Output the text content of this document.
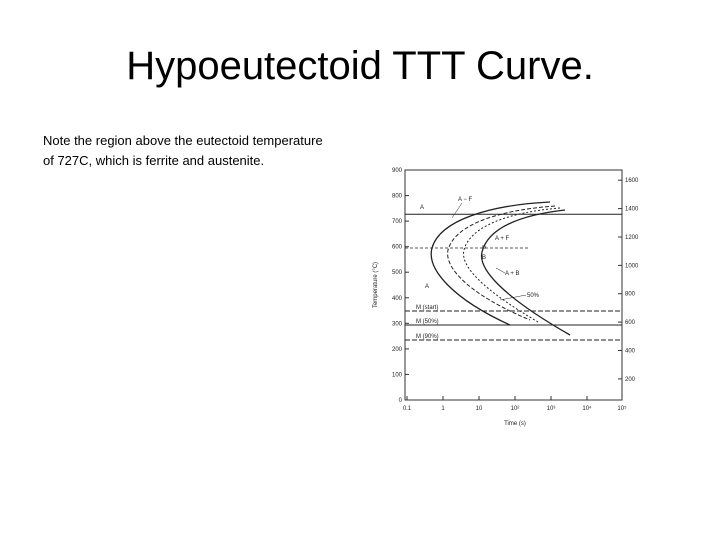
Hypoeutectoid TTT Curve.
Note the region above the eutectoid temperature
of 727C, which is ferrite and austenite.
900
800
700
600
500
400
300
200
100
0
1600
1400
1200
1000
800
600
400
200
0.1	1	10	10²	10³	10⁴	10⁵
Time (s)
Temperature (°C)
A
A − F
A + F
P
B
A + B
A
50%
M (start)
M (50%)
M (90%)
